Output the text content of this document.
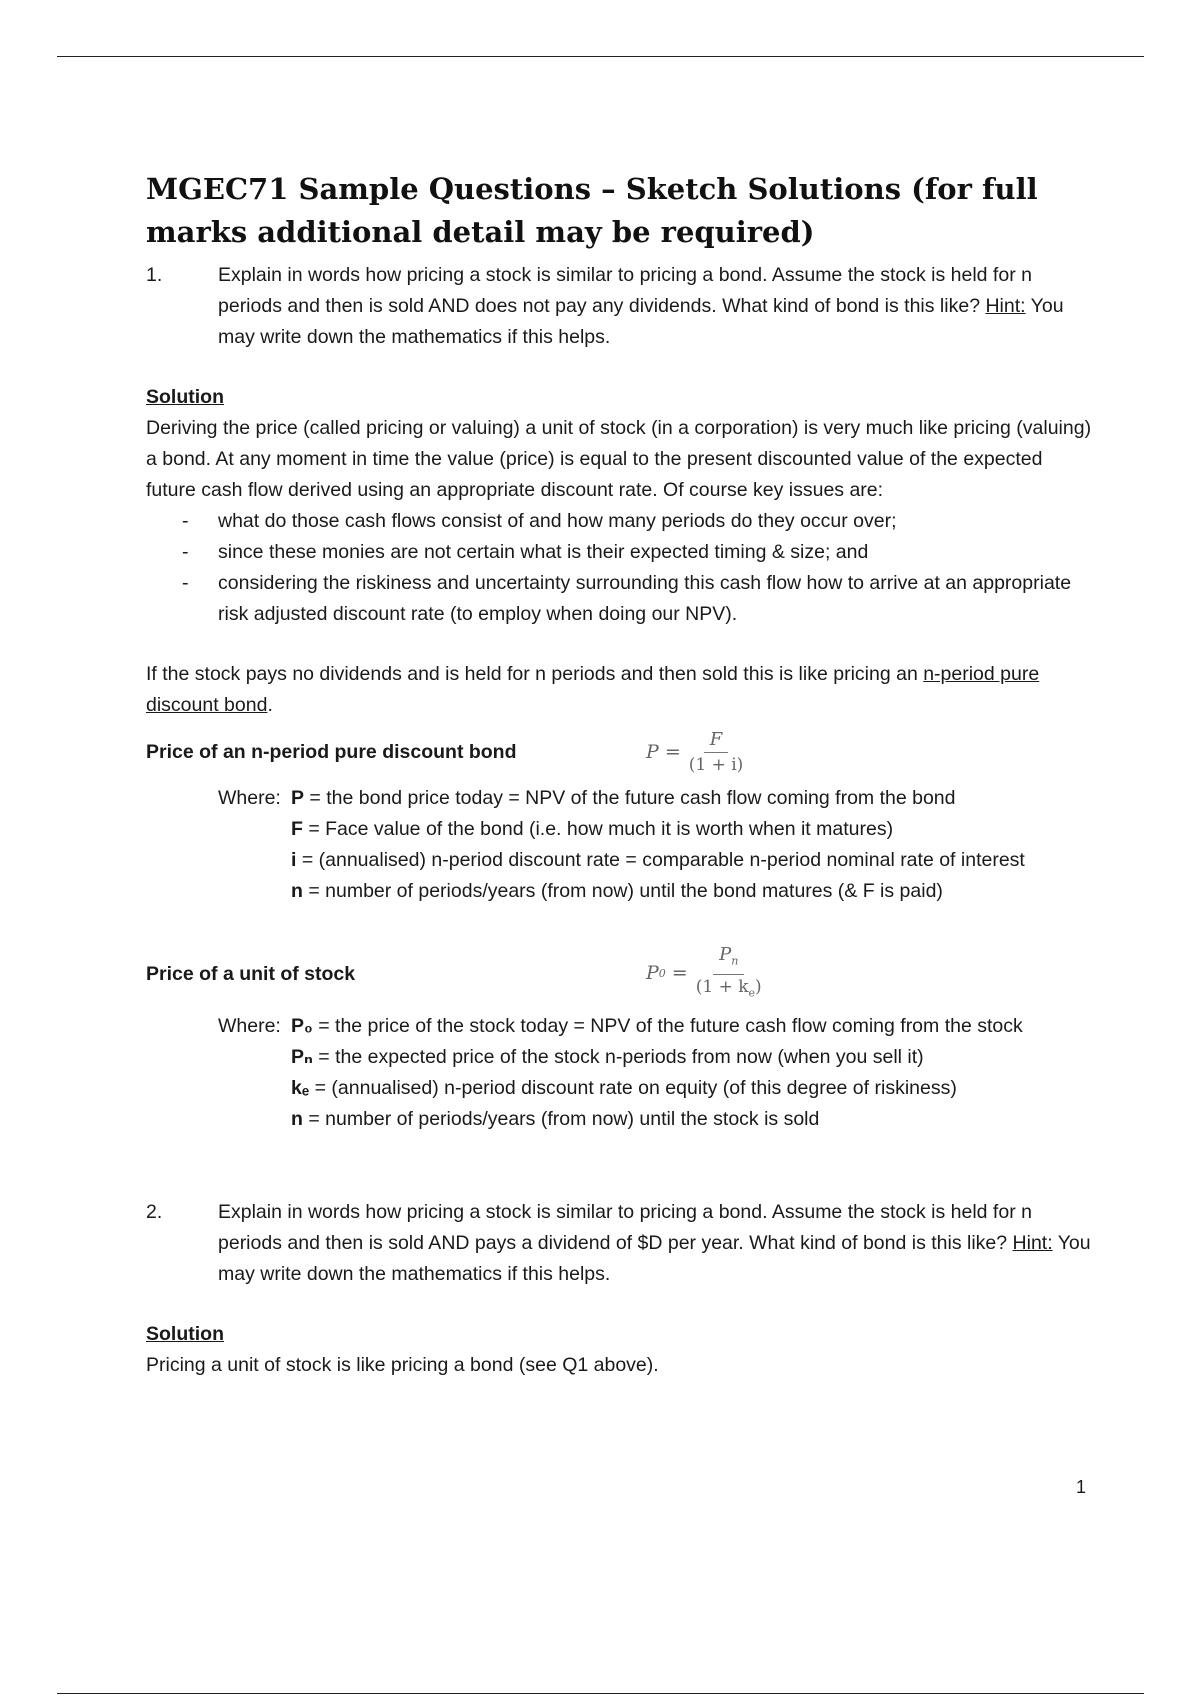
MGEC71 Sample Questions – Sketch Solutions (for full marks additional detail may be required)
1.	Explain in words how pricing a stock is similar to pricing a bond. Assume the stock is held for n periods and then is sold AND does not pay any dividends. What kind of bond is this like? Hint: You may write down the mathematics if this helps.
Solution

Deriving the price (called pricing or valuing) a unit of stock (in a corporation) is very much like pricing (valuing) a bond. At any moment in time the value (price) is equal to the present discounted value of the expected future cash flow derived using an appropriate discount rate. Of course key issues are:

-	what do those cash flows consist of and how many periods do they occur over;
-	since these monies are not certain what is their expected timing & size; and
-	considering the riskiness and uncertainty surrounding this cash flow how to arrive at an appropriate risk adjusted discount rate (to employ when doing our NPV).

If the stock pays no dividends and is held for n periods and then sold this is like pricing an n-period pure discount bond.

Price of an n-period pure discount bond	$P = \frac{F}{(1 + i)}$
Where: P = the bond price today = NPV of the future cash flow coming from the bond
F = Face value of the bond (i.e. how much it is worth when it matures)
i = (annualised) n-period discount rate = comparable n-period nominal rate of interest
n = number of periods/years (from now) until the bond matures (& F is paid)
Price of a unit of stock	P $0 = \frac{P_n}{(1 + k_e)}$
Where: P₀ = the price of the stock today = NPV of the future cash flow coming from the stock
Pₙ = the expected price of the stock n-periods from now (when you sell it)
kₑ = (annualised) n-period discount rate on equity (of this degree of riskiness)
n = number of periods/years (from now) until the stock is sold
2.	Explain in words how pricing a stock is similar to pricing a bond. Assume the stock is held for n periods and then is sold AND pays a dividend of $D per year. What kind of bond is this like? Hint: You may write down the mathematics if this helps.
Solution

Pricing a unit of stock is like pricing a bond (see Q1 above).

1
